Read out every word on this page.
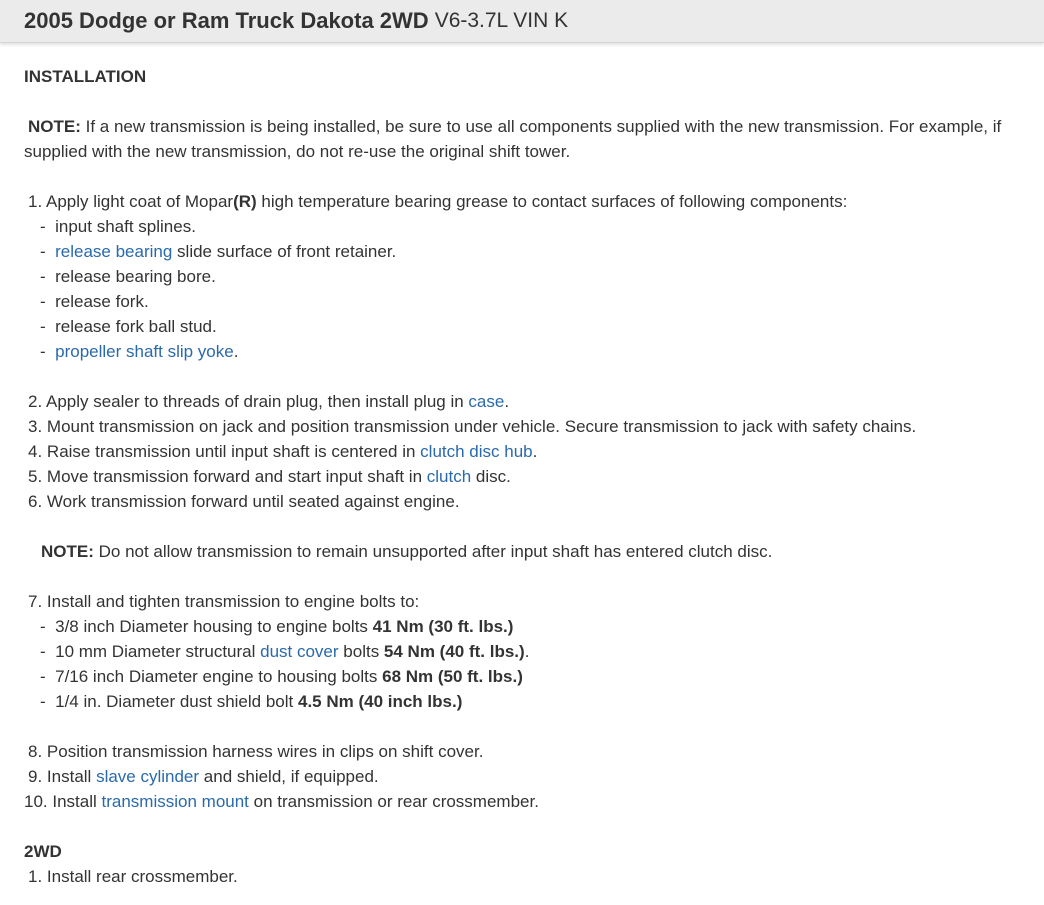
2005 Dodge or Ram Truck Dakota 2WD V6-3.7L VIN K
INSTALLATION
NOTE: If a new transmission is being installed, be sure to use all components supplied with the new transmission. For example, if
supplied with the new transmission, do not re-use the original shift tower.
1. Apply light coat of Mopar(R) high temperature bearing grease to contact surfaces of following components:
- input shaft splines.
- release bearing slide surface of front retainer.
- release bearing bore.
- release fork.
- release fork ball stud.
- propeller shaft slip yoke.
2. Apply sealer to threads of drain plug, then install plug in case.
3. Mount transmission on jack and position transmission under vehicle. Secure transmission to jack with safety chains.
4. Raise transmission until input shaft is centered in clutch disc hub.
5. Move transmission forward and start input shaft in clutch disc.
6. Work transmission forward until seated against engine.
NOTE: Do not allow transmission to remain unsupported after input shaft has entered clutch disc.
7. Install and tighten transmission to engine bolts to:
- 3/8 inch Diameter housing to engine bolts 41 Nm (30 ft. lbs.)
- 10 mm Diameter structural dust cover bolts 54 Nm (40 ft. lbs.).
- 7/16 inch Diameter engine to housing bolts 68 Nm (50 ft. lbs.)
- 1/4 in. Diameter dust shield bolt 4.5 Nm (40 inch lbs.)
8. Position transmission harness wires in clips on shift cover.
9. Install slave cylinder and shield, if equipped.
10. Install transmission mount on transmission or rear crossmember.
2WD
1. Install rear crossmember.
